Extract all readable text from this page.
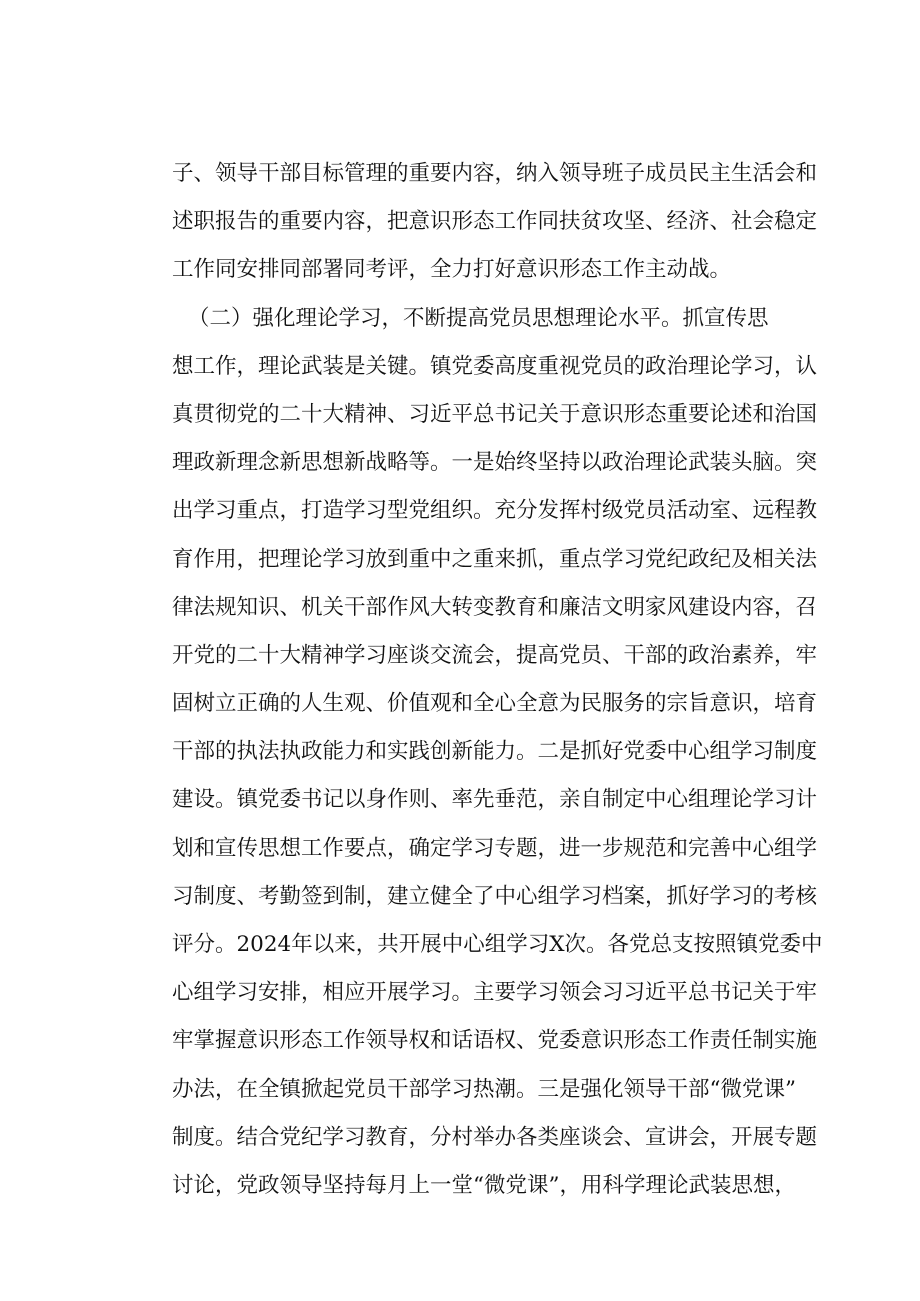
子、领导干部目标管理的重要内容，纳入领导班子成员民主生活会和
述职报告的重要内容，把意识形态工作同扶贫攻坚、经济、社会稳定
工作同安排同部署同考评，全力打好意识形态工作主动战。
（二）强化理论学习，不断提高党员思想理论水平。抓宣传思
想工作，理论武装是关键。镇党委高度重视党员的政治理论学习，认
真贯彻党的二十大精神、习近平总书记关于意识形态重要论述和治国
理政新理念新思想新战略等。一是始终坚持以政治理论武装头脑。突
出学习重点，打造学习型党组织。充分发挥村级党员活动室、远程教
育作用，把理论学习放到重中之重来抓，重点学习党纪政纪及相关法
律法规知识、机关干部作风大转变教育和廉洁文明家风建设内容，召
开党的二十大精神学习座谈交流会，提高党员、干部的政治素养，牢
固树立正确的人生观、价值观和全心全意为民服务的宗旨意识，培育
干部的执法执政能力和实践创新能力。二是抓好党委中心组学习制度
建设。镇党委书记以身作则、率先垂范，亲自制定中心组理论学习计
划和宣传思想工作要点，确定学习专题，进一步规范和完善中心组学
习制度、考勤签到制，建立健全了中心组学习档案，抓好学习的考核
评分。2024年以来，共开展中心组学习X次。各党总支按照镇党委中
心组学习安排，相应开展学习。主要学习领会习习近平总书记关于牢
牢掌握意识形态工作领导权和话语权、党委意识形态工作责任制实施
办法，在全镇掀起党员干部学习热潮。三是强化领导干部“微党课”
制度。结合党纪学习教育，分村举办各类座谈会、宣讲会，开展专题
讨论，党政领导坚持每月上一堂“微党课”，用科学理论武装思想，
